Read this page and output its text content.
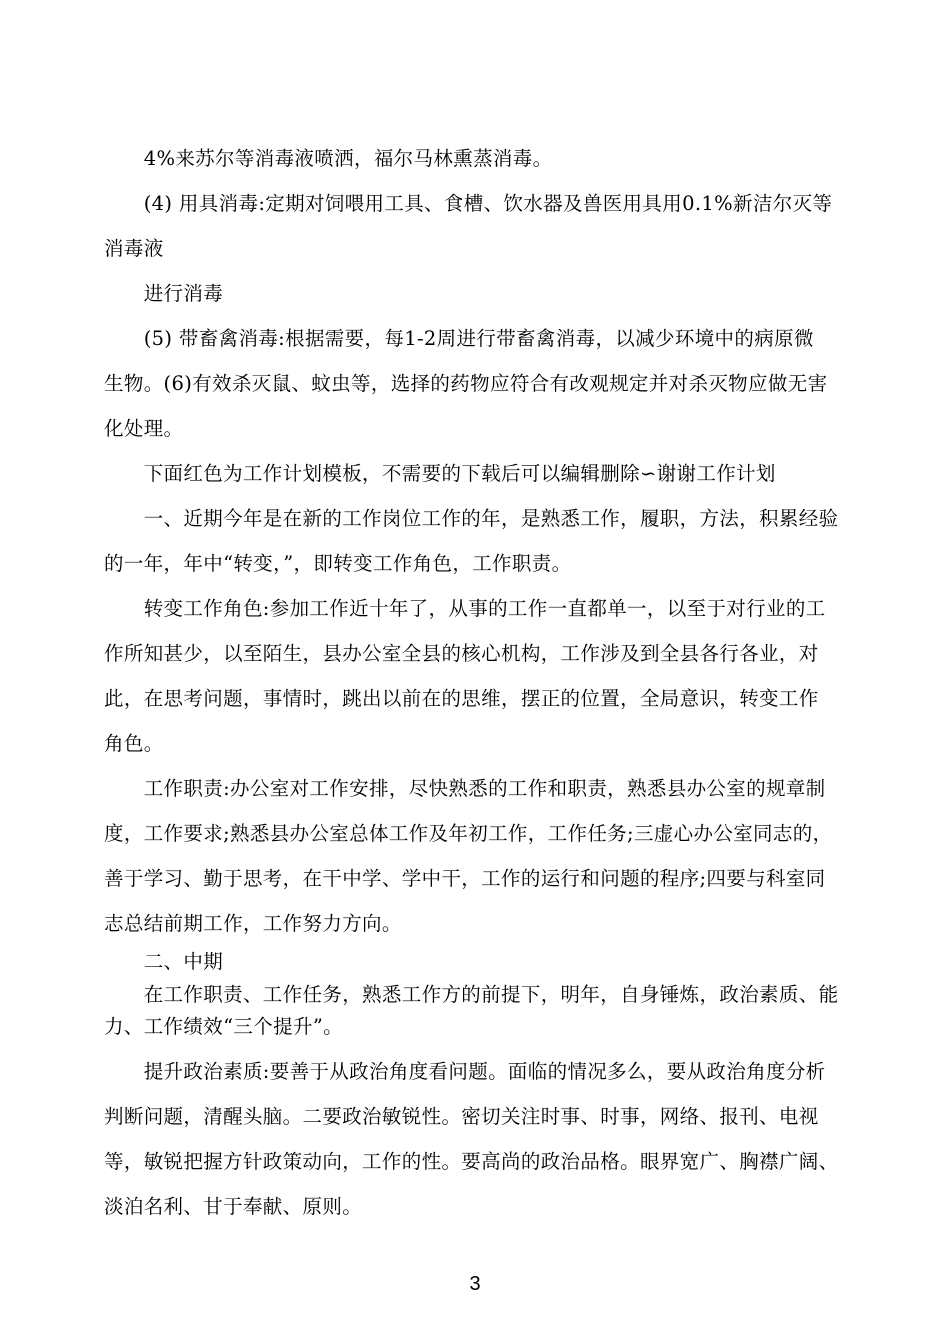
　　4%来苏尔等消毒液喷洒，福尔马林熏蒸消毒。
　　(4) 用具消毒:定期对饲喂用工具、食槽、饮水器及兽医用具用0.1%新洁尔灭等
消毒液
　　进行消毒
　　(5) 带畜禽消毒:根据需要，每1-2周进行带畜禽消毒，以减少环境中的病原微
生物。(6)有效杀灭鼠、蚊虫等，选择的药物应符合有改观规定并对杀灭物应做无害
化处理。
　　下面红色为工作计划模板，不需要的下载后可以编辑删除∽谢谢工作计划
　　一、近期今年是在新的工作岗位工作的年，是熟悉工作，履职，方法，积累经验
的一年，年中“转变，”，即转变工作角色，工作职责。
　　转变工作角色:参加工作近十年了，从事的工作一直都单一，以至于对行业的工
作所知甚少，以至陌生，县办公室全县的核心机构，工作涉及到全县各行各业，对
此，在思考问题，事情时，跳出以前在的思维，摆正的位置，全局意识，转变工作
角色。
　　工作职责:办公室对工作安排，尽快熟悉的工作和职责，熟悉县办公室的规章制
度，工作要求;熟悉县办公室总体工作及年初工作，工作任务;三虚心办公室同志的，
善于学习、勤于思考，在干中学、学中干，工作的运行和问题的程序;四要与科室同
志总结前期工作，工作努力方向。
　　二、中期
　　在工作职责、工作任务，熟悉工作方的前提下，明年，自身锤炼，政治素质、能
力、工作绩效“三个提升”。
　　提升政治素质:要善于从政治角度看问题。面临的情况多么，要从政治角度分析
判断问题，清醒头脑。二要政治敏锐性。密切关注时事、时事，网络、报刊、电视
等，敏锐把握方针政策动向，工作的性。要高尚的政治品格。眼界宽广、胸襟广阔、
淡泊名利、甘于奉献、原则。
3
